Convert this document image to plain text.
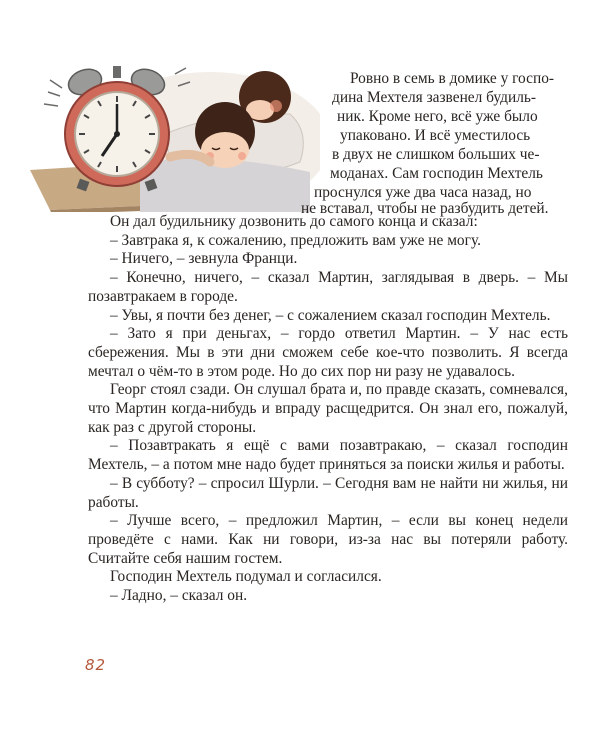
Ровно в семь в домике у госпо-
дина Мехтеля зазвенел будиль-
ник. Кроме него, всё уже было
упаковано. И всё уместилось
в двух не слишком больших че-
моданах. Сам господин Мехтель
проснулся уже два часа назад, но
не вставал, чтобы не разбудить детей.

Он дал будильнику дозвонить до самого конца и сказал:

– Завтрака я, к сожалению, предложить вам уже не могу.

– Ничего, – зевнула Франци.

– Конечно, ничего, – сказал Мартин, заглядывая в дверь. – Мы позавтракаем в городе.

– Увы, я почти без денег, – с сожалением сказал господин Мехтель.

– Зато я при деньгах, – гордо ответил Мартин. – У нас есть сбережения. Мы в эти дни сможем себе кое-что позволить. Я всегда мечтал о чём-то в этом роде. Но до сих пор ни разу не удавалось.

Георг стоял сзади. Он слушал брата и, по правде сказать, сомневался, что Мартин когда-нибудь и впраду расщедрится. Он знал его, пожалуй, как раз с другой стороны.

– Позавтракать я ещё с вами позавтракаю, – сказал господин Мехтель, – а потом мне надо будет приняться за поиски жилья и работы.

– В субботу? – спросил Шурли. – Сегодня вам не найти ни жилья, ни работы.

– Лучше всего, – предложил Мартин, – если вы конец недели проведёте с нами. Как ни говори, из-за нас вы потеряли работу. Считайте себя нашим гостем.

Господин Мехтель подумал и согласился.

– Ладно, – сказал он.

82
